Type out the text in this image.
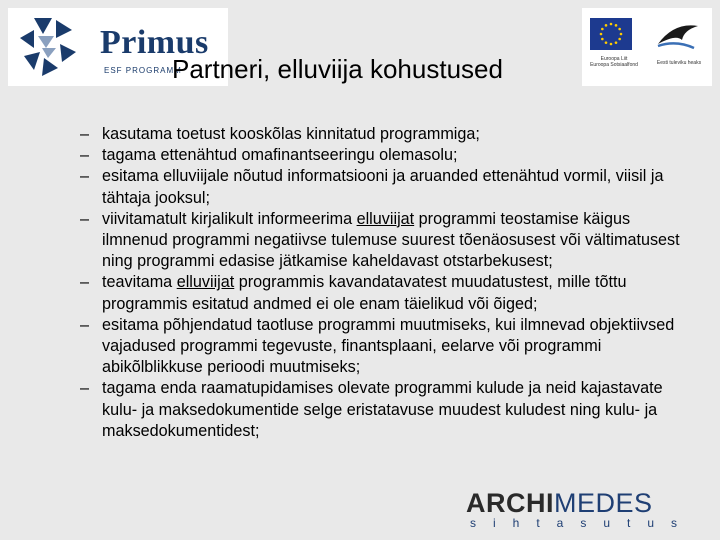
Primus
ESF PROGRAMM
Euroopa Liit
Euroopa Sotsiaalfond	Eesti tuleviku heaks
Partneri, elluviija kohustused
– kasutama toetust kooskõlas kinnitatud programmiga;
– tagama ettenähtud omafinantseeringu olemasolu;
– esitama elluviijale nõutud informatsiooni ja aruanded ettenähtud vormil, viisil ja tähtaja jooksul;
– viivitamatult kirjalikult informeerima elluviijat programmi teostamise käigus ilmnenud programmi negatiivse tulemuse suurest tõenäosusest või vältimatusest ning programmi edasise jätkamise kaheldavast otstarbekusest;
– teavitama elluviijat programmis kavandatavatest muudatustest, mille tõttu programmis esitatud andmed ei ole enam täielikud või õiged;
– esitama põhjendatud taotluse programmi muutmiseks, kui ilmnevad objektiivsed vajadused programmi tegevuste, finantsplaani, eelarve või programmi abikõlblikkuse perioodi muutmiseks;
– tagama enda raamatupidamises olevate programmi kulude ja neid kajastavate kulu- ja maksedokumentide selge eristatavuse muudest kuludest ning kulu- ja maksedokumentidest;
ARCHIMEDES
sihtasutus
